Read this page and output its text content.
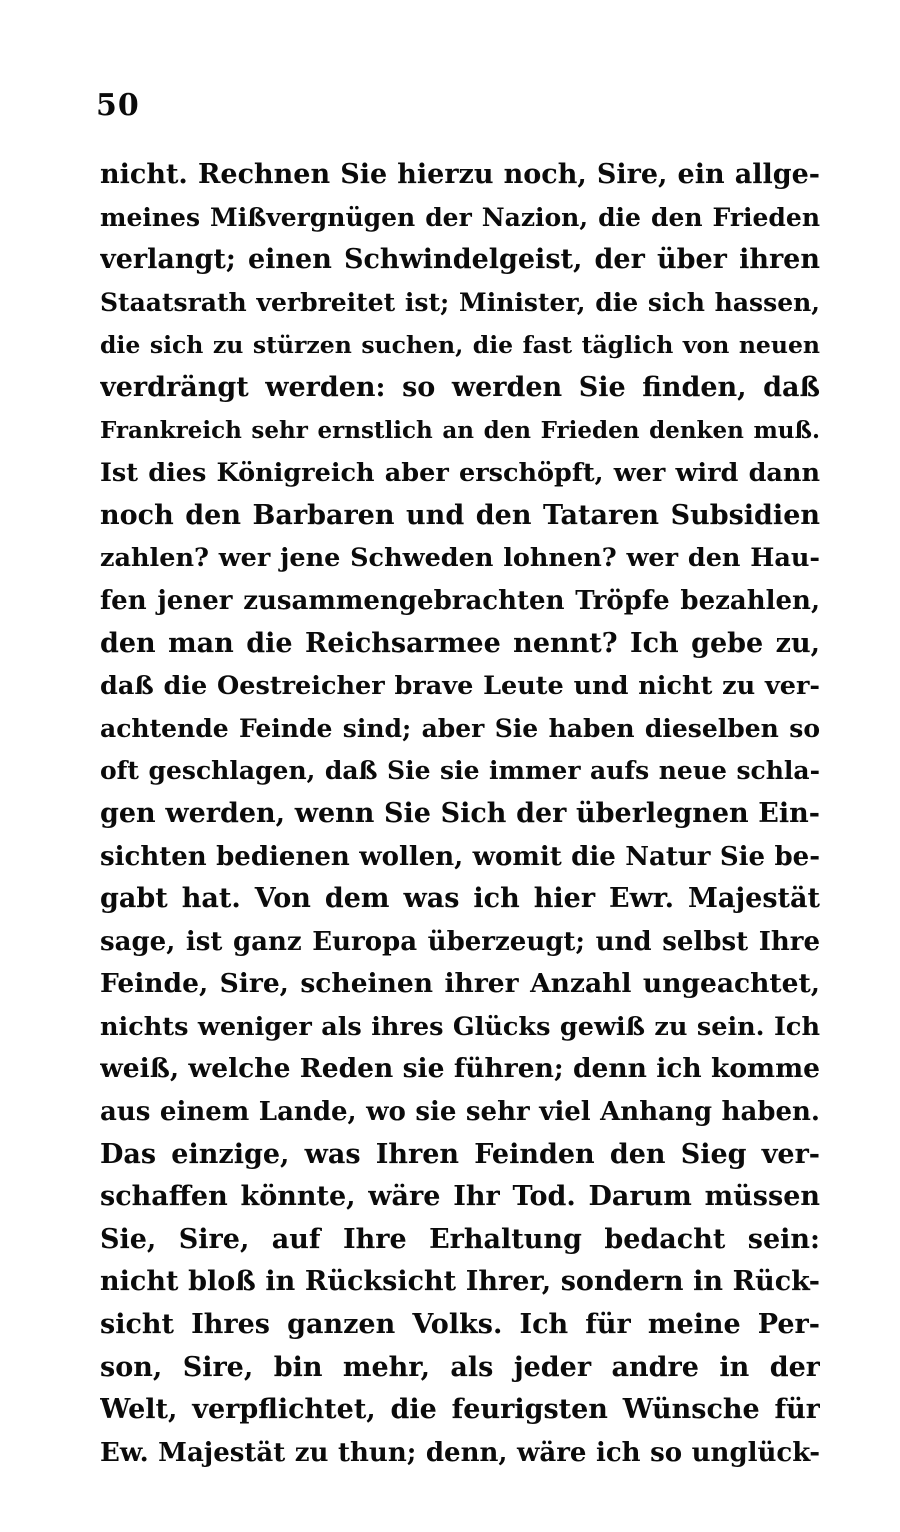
50
nicht. Rechnen Sie hierzu noch, Sire, ein allge-
meines Mißvergnügen der Nazion, die den Frieden
verlangt; einen Schwindelgeist, der über ihren
Staatsrath verbreitet ist; Minister, die sich hassen,
die sich zu stürzen suchen, die fast täglich von neuen
verdrängt werden: so werden Sie finden, daß
Frankreich sehr ernstlich an den Frieden denken muß.
Ist dies Königreich aber erschöpft, wer wird dann
noch den Barbaren und den Tataren Subsidien
zahlen? wer jene Schweden lohnen? wer den Hau-
fen jener zusammengebrachten Tröpfe bezahlen,
den man die Reichsarmee nennt? Ich gebe zu,
daß die Oestreicher brave Leute und nicht zu ver-
achtende Feinde sind; aber Sie haben dieselben so
oft geschlagen, daß Sie sie immer aufs neue schla-
gen werden, wenn Sie Sich der überlegnen Ein-
sichten bedienen wollen, womit die Natur Sie be-
gabt hat. Von dem was ich hier Ewr. Majestät
sage, ist ganz Europa überzeugt; und selbst Ihre
Feinde, Sire, scheinen ihrer Anzahl ungeachtet,
nichts weniger als ihres Glücks gewiß zu sein. Ich
weiß, welche Reden sie führen; denn ich komme
aus einem Lande, wo sie sehr viel Anhang haben.
Das einzige, was Ihren Feinden den Sieg ver-
schaffen könnte, wäre Ihr Tod. Darum müssen
Sie, Sire, auf Ihre Erhaltung bedacht sein:
nicht bloß in Rücksicht Ihrer, sondern in Rück-
sicht Ihres ganzen Volks. Ich für meine Per-
son, Sire, bin mehr, als jeder andre in der
Welt, verpflichtet, die feurigsten Wünsche für
Ew. Majestät zu thun; denn, wäre ich so unglück-
